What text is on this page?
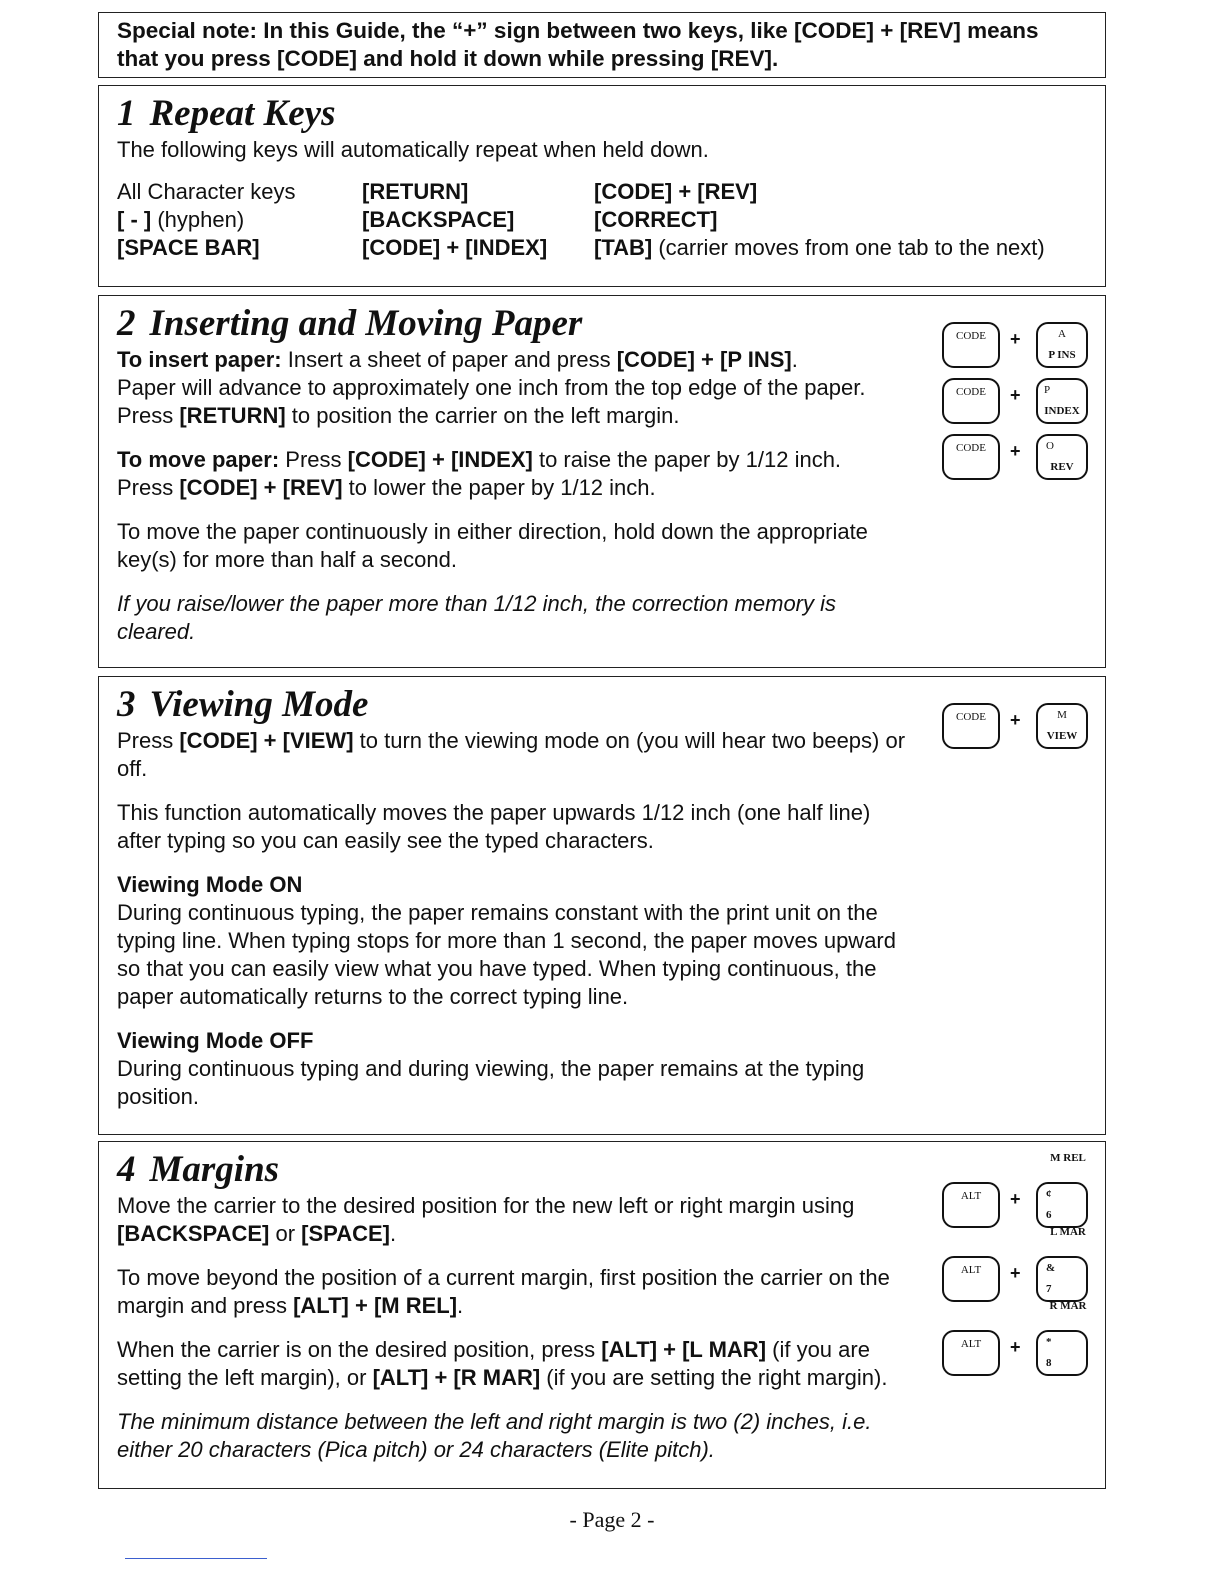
Special note: In this Guide, the “+” sign between two keys, like [CODE] + [REV] means
that you press [CODE] and hold it down while pressing [REV].
1 Repeat Keys

The following keys will automatically repeat when held down.

All Character keys	[RETURN]	[CODE] + [REV]
[ - ] (hyphen)	[BACKSPACE]	[CORRECT]
[SPACE BAR]	[CODE] + [INDEX]	[TAB] (carrier moves from one tab to the next)
2 Inserting and Moving Paper

To insert paper: Insert a sheet of paper and press [CODE] + [P INS].

Paper will advance to approximately one inch from the top edge of the paper.

Press [RETURN] to position the carrier on the left margin.

To move paper: Press [CODE] + [INDEX] to raise the paper by 1/12 inch.

Press [CODE] + [REV] to lower the paper by 1/12 inch.

To move the paper continuously in either direction, hold down the appropriate key(s) for more than half a second.

If you raise/lower the paper more than 1/12 inch, the correction memory is cleared.

CODE	+	A
P INS
CODE	+	P
INDEX
CODE	+	O
REV
3 Viewing Mode

Press [CODE] + [VIEW] to turn the viewing mode on (you will hear two beeps) or off.

This function automatically moves the paper upwards 1/12 inch (one half line) after typing so you can easily see the typed characters.

Viewing Mode ON

During continuous typing, the paper remains constant with the print unit on the typing line. When typing stops for more than 1 second, the paper moves upward so that you can easily view what you have typed. When typing continuous, the paper automatically returns to the correct typing line.

Viewing Mode OFF

During continuous typing and during viewing, the paper remains at the typing position.

CODE	+	M
VIEW
4 Margins

Move the carrier to the desired position for the new left or right margin using [BACKSPACE] or [SPACE].

To move beyond the position of a current margin, first position the carrier on the margin and press [ALT] + [M REL].

When the carrier is on the desired position, press [ALT] + [L MAR] (if you are setting the left margin), or [ALT] + [R MAR] (if you are setting the right margin).

The minimum distance between the left and right margin is two (2) inches, i.e. either 20 characters (Pica pitch) or 24 characters (Elite pitch).

M REL
ALT	+	¢
6
L MAR
ALT	+	&
7
R MAR
ALT	+	*
8
- Page 2 -
